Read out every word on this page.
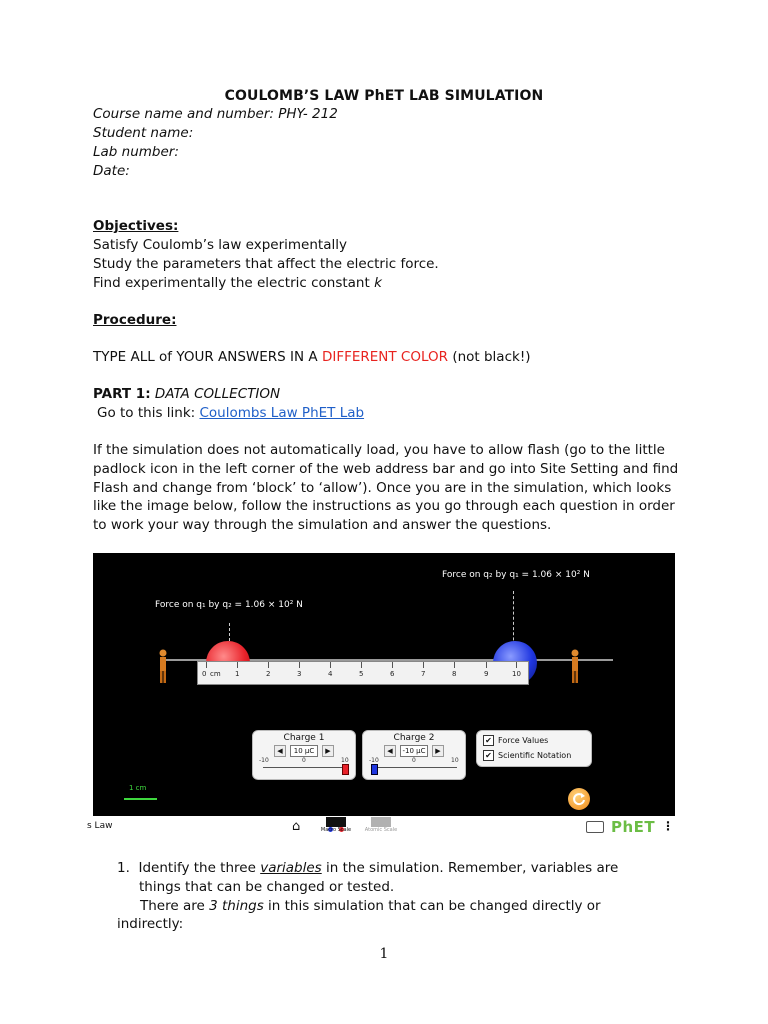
COULOMB’S LAW PhET LAB SIMULATION
Course name and number: PHY- 212
Student name:
Lab number:
Date:
Objectives:
Satisfy Coulomb’s law experimentally
Study the parameters that affect the electric force.
Find experimentally the electric constant k
Procedure:
TYPE ALL of YOUR ANSWERS IN A DIFFERENT COLOR (not black!)
PART 1: DATA COLLECTION
Go to this link: Coulombs Law PhET Lab
If the simulation does not automatically load, you have to allow flash (go to the little padlock icon in the left corner of the web address bar and go into Site Setting and find Flash and change from ‘block’ to ‘allow’). Once you are in the simulation, which looks like the image below, follow the instructions as you go through each question in order to work your way through the simulation and answer the questions.
Force on q₁ by q₂ = 1.06 × 10² N
Force on q₂ by q₁ = 1.06 × 10² N
0 cm 1	2	3	4	5	6	7	8	9	10
Charge 1
◀	10 μC	▶
-10	0	10
Charge 2
◀	-10 μC	▶
-10	0	10
✔ Force Values
✔ Scientific Notation
1 cm
s Law	⌂
	Macro Scale	Atomic Scale	PhET ⋮
1. Identify the three variables in the simulation. Remember, variables are
things that can be changed or tested.
There are 3 things in this simulation that can be changed directly or
indirectly:
1
